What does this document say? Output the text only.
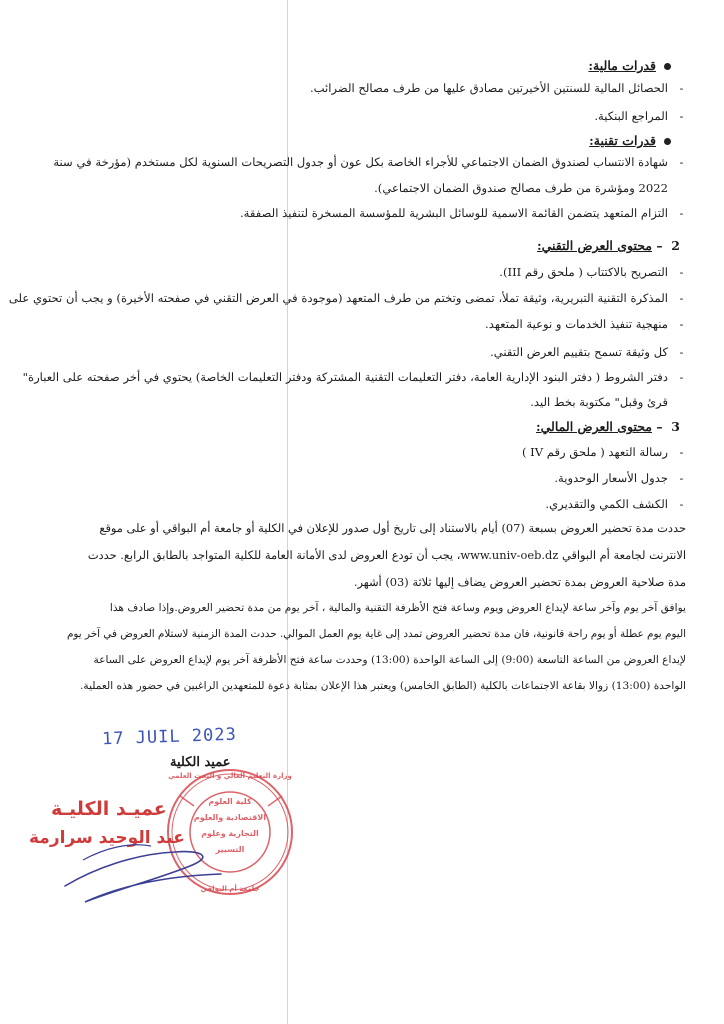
قدرات مالية:
-الحصائل المالية للسنتين الأخيرتين مصادق عليها من طرف مصالح الضرائب.
-المراجع البنكية.
قدرات تقنية:
-شهادة الانتساب لصندوق الضمان الاجتماعي للأجراء الخاصة بكل عون أو جدول التصريحات السنوية لكل مستخدم (مؤرخة في سنة
2022 ومؤشرة من طرف مصالح صندوق الضمان الاجتماعي).
-التزام المتعهد يتضمن القائمة الاسمية للوسائل البشرية للمؤسسة المسخرة لتنفيذ الصفقة.
2  – محتوى العرض التقني:
-التصريح بالاكتتاب ( ملحق رقم III).
-المذكرة التقنية التبريرية، وثيقة تملأ، تمضى وتختم من طرف المتعهد (موجودة في العرض التقني في صفحته الأخيرة) و يجب أن تحتوي على
-منهجية تنفيذ الخدمات و نوعية المتعهد.
-كل وثيقة تسمح بتقييم العرض التقني.
-دفتر الشروط ( دفتر البنود الإدارية العامة، دفتر التعليمات التقنية المشتركة ودفتر التعليمات الخاصة) يحتوي في أخر صفحته على العبارة"
قرئ وقبل" مكتوبة بخط اليد.
3  – محتوى العرض المالي:
-رسالة التعهد ( ملحق رقم IV )
-جدول الأسعار الوحدوية.
-الكشف الكمي والتقديري.
حددت مدة تحضير العروض بسبعة (07) أيام بالاستناد إلى تاريخ أول صدور للإعلان في الكلية أو جامعة أم البواقي أو على موقع
الانترنت لجامعة أم البواقي www.univ-oeb.dz، يجب أن تودع العروض لدى الأمانة العامة للكلية المتواجد بالطابق الرابع. حددت
مدة صلاحية العروض بمدة تحضير العروض يضاف إليها ثلاثة (03) أشهر.
يوافق آخر يوم وآخر ساعة لإيداع العروض ويوم وساعة فتح الأظرفة التقنية والمالية ، آخر يوم من مدة تحضير العروض.وإذا صادف هذا
اليوم يوم عطلة أو يوم راحة قانونية، فان مدة تحضير العروض تمدد إلى غاية يوم العمل الموالي. حددت المدة الزمنية لاستلام العروض في آخر يوم
لإيداع العروض من الساعة التاسعة (9:00) إلى الساعة الواحدة (13:00) وحددت ساعة فتح الأظرفة آخر يوم لإيداع العروض على الساعة
الواحدة (13:00) زوالا بقاعة الاجتماعات بالكلية (الطابق الخامس) ويعتبر هذا الإعلان بمثابة دعوة للمتعهدين الراغبين في حضور هذه العملية.
17 JUIL 2023
عميد الكلية
كلية العلوم
الاقتصادية والعلوم
التجارية وعلوم
التسيير
وزارة التعليم العالي و البحث العلمي
جامعة أم البواقي
عميـد الكليـة
عبد الوحيد سرارمة
